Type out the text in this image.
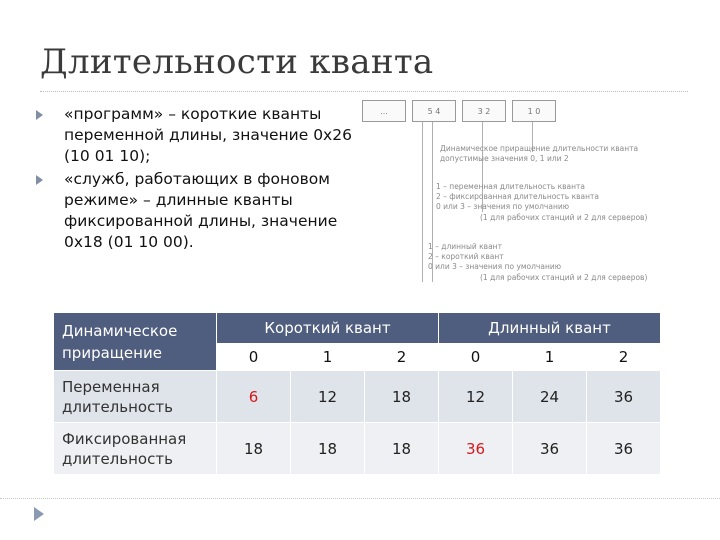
Длительности кванта
«программ» – короткие кванты переменной длины, значение 0х26 (10 01 10);
«служб, работающих в фоновом режиме» – длинные кванты фиксированной длины, значение 0х18 (01 10 00).
...	5 4	3 2	1 0
Динамическое приращение длительности кванта
допустимые значения 0, 1 или 2
1 – переменная длительность кванта
2 – фиксированная длительность кванта
0 или 3 – значения по умолчанию
(1 для рабочих станций и 2 для серверов)
1 – длинный квант
2 – короткий квант
0 или 3 – значения по умолчанию
(1 для рабочих станций и 2 для серверов)
Динамическое приращение	Короткий квант			Длинный квант		
	0	1	2	0	1	2
Переменная длительность	6	12	18	12	24	36
Фиксированная длительность	18	18	18	36	36	36
